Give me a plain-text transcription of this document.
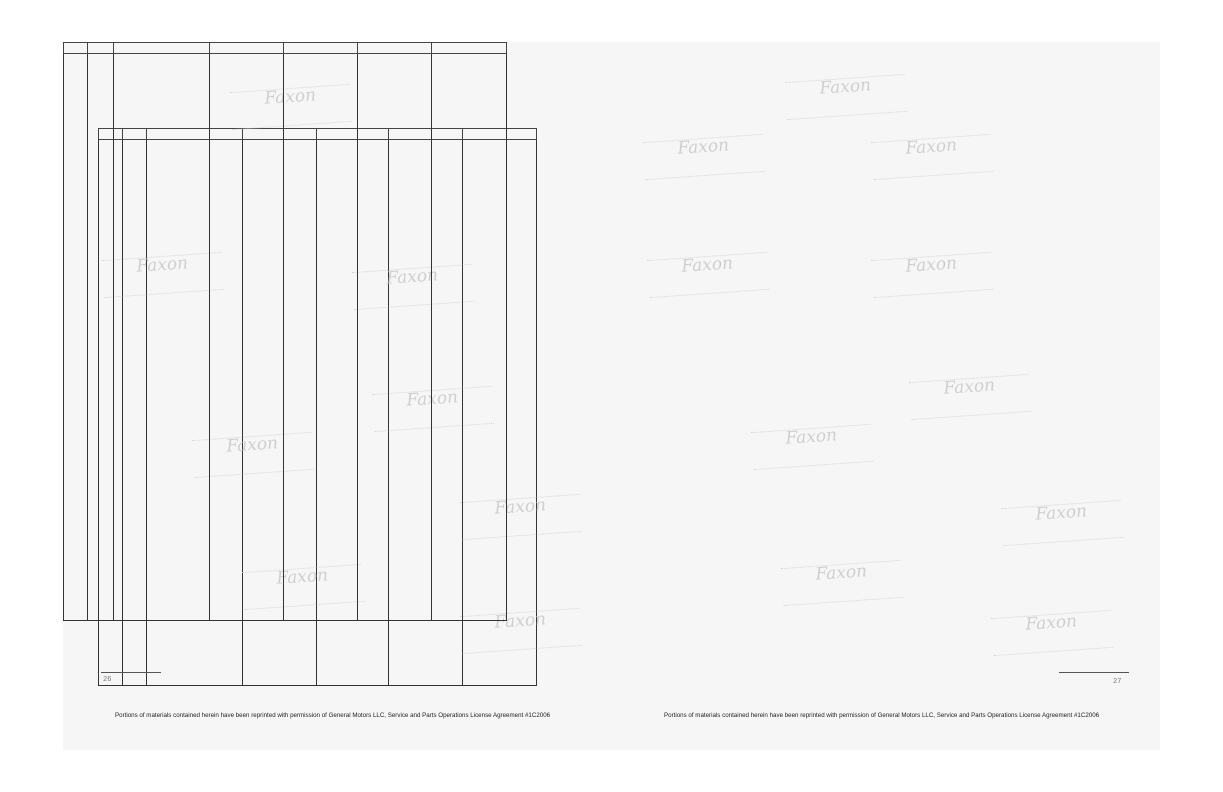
26
Portions of materials contained herein have been reprinted with permission of General Motors LLC, Service and Parts Operations License Agreement #1C2006
Faxon
Faxon
Faxon
Faxon
Faxon
Faxon
Faxon
Faxon
Faxon
Faxon	Faxon
Faxon	Faxon
Faxon
Faxon
Faxon
Faxon
Faxon

27
Portions of materials contained herein have been reprinted with permission of General Motors LLC, Service and Parts Operations License Agreement #1C2006
